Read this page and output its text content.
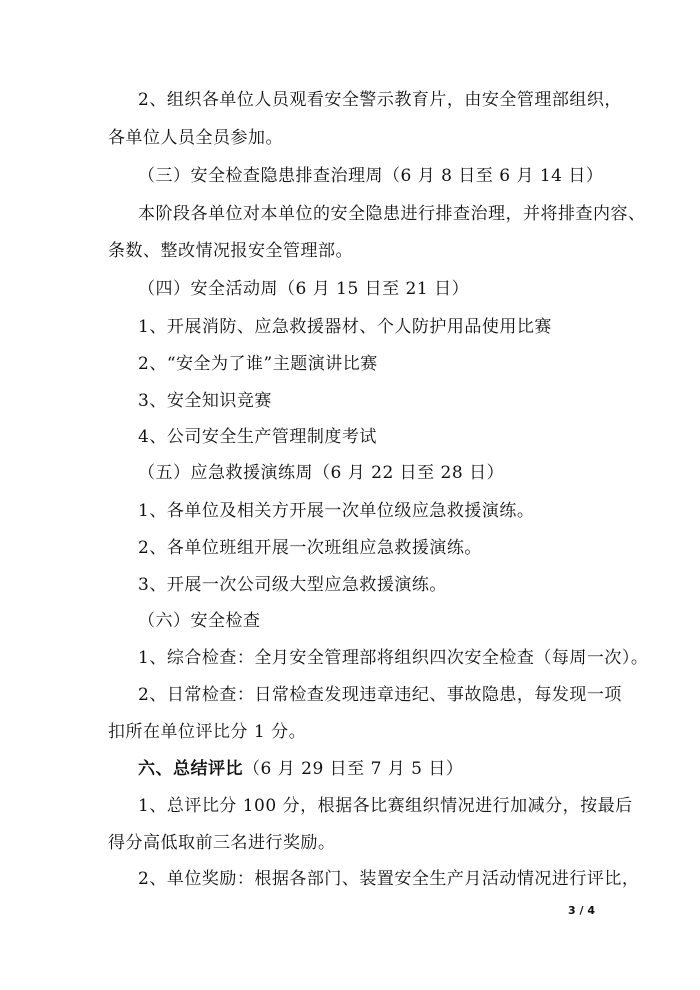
2、组织各单位人员观看安全警示教育片，由安全管理部组织，
各单位人员全员参加。
（三）安全检查隐患排查治理周（6 月 8 日至 6 月 14 日）
本阶段各单位对本单位的安全隐患进行排查治理，并将排查内容、
条数、整改情况报安全管理部。
（四）安全活动周（6 月 15 日至 21 日）
1、开展消防、应急救援器材、个人防护用品使用比赛
2、“安全为了谁”主题演讲比赛
3、安全知识竞赛
4、公司安全生产管理制度考试
（五）应急救援演练周（6 月 22 日至 28 日）
1、各单位及相关方开展一次单位级应急救援演练。
2、各单位班组开展一次班组应急救援演练。
3、开展一次公司级大型应急救援演练。
（六）安全检查
1、综合检查：全月安全管理部将组织四次安全检查（每周一次）。
2、日常检查：日常检查发现违章违纪、事故隐患，每发现一项
扣所在单位评比分 1 分。
六、总结评比（6 月 29 日至 7 月 5 日）
1、总评比分 100 分，根据各比赛组织情况进行加减分，按最后
得分高低取前三名进行奖励。
2、单位奖励：根据各部门、装置安全生产月活动情况进行评比，
3 / 4
